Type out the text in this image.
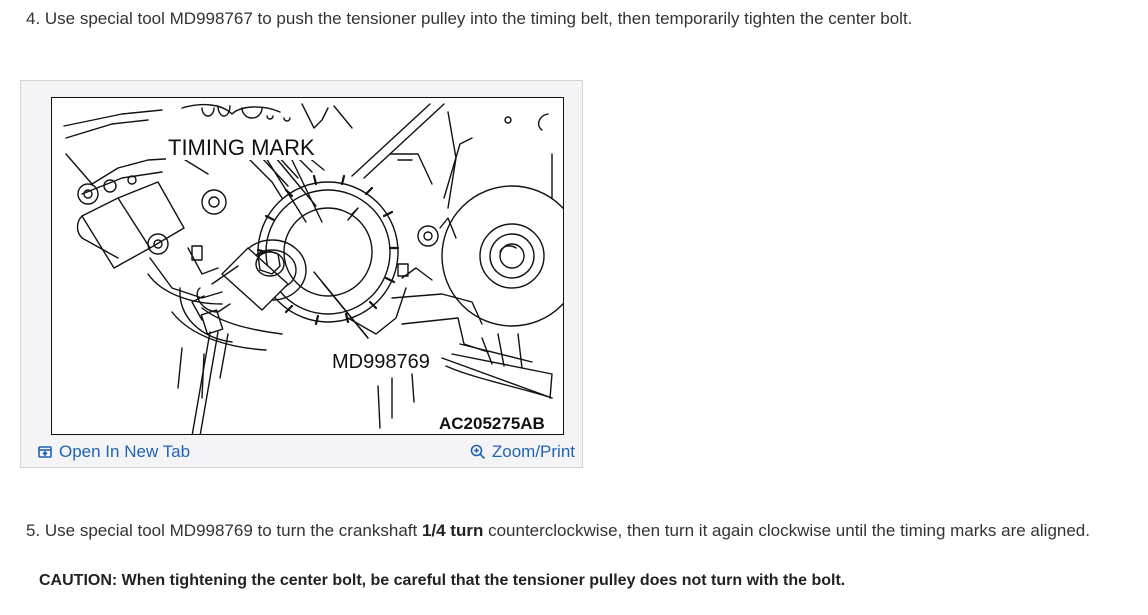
4. Use special tool MD998767 to push the tensioner pulley into the timing belt, then temporarily tighten the center bolt.
TIMING MARK
MD998769
AC205275AB
Open In New Tab	Zoom/Print
5. Use special tool MD998769 to turn the crankshaft 1/4 turn counterclockwise, then turn it again clockwise until the timing marks are aligned.
CAUTION: When tightening the center bolt, be careful that the tensioner pulley does not turn with the bolt.
